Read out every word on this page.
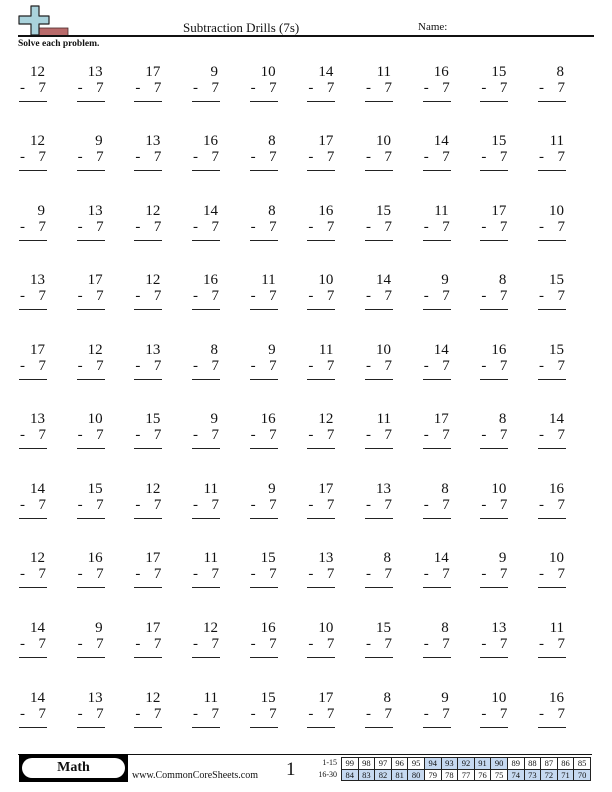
Subtraction Drills (7s)	Name:
Solve each problem.
12
- 7
13
- 7
17
- 7
9
- 7
10
- 7
14
- 7
11
- 7
16
- 7
15
- 7
8
- 7
12
- 7
9
- 7
13
- 7
16
- 7
8
- 7
17
- 7
10
- 7
14
- 7
15
- 7
11
- 7
9
- 7
13
- 7
12
- 7
14
- 7
8
- 7
16
- 7
15
- 7
11
- 7
17
- 7
10
- 7
13
- 7
17
- 7
12
- 7
16
- 7
11
- 7
10
- 7
14
- 7
9
- 7
8
- 7
15
- 7
17
- 7
12
- 7
13
- 7
8
- 7
9
- 7
11
- 7
10
- 7
14
- 7
16
- 7
15
- 7
13
- 7
10
- 7
15
- 7
9
- 7
16
- 7
12
- 7
11
- 7
17
- 7
8
- 7
14
- 7
14
- 7
15
- 7
12
- 7
11
- 7
9
- 7
17
- 7
13
- 7
8
- 7
10
- 7
16
- 7
12
- 7
16
- 7
17
- 7
11
- 7
15
- 7
13
- 7
8
- 7
14
- 7
9
- 7
10
- 7
14
- 7
9
- 7
17
- 7
12
- 7
16
- 7
10
- 7
15
- 7
8
- 7
13
- 7
11
- 7
14
- 7
13
- 7
12
- 7
11
- 7
15
- 7
17
- 7
8
- 7
9
- 7
10
- 7
16
- 7
Math
www.CommonCoreSheets.com 1	1-15
16-30
99	98	97	96	95	94	93	92	91	90	89	88	87	86	85
84	83	82	81	80	79	78	77	76	75	74	73	72	71	70
